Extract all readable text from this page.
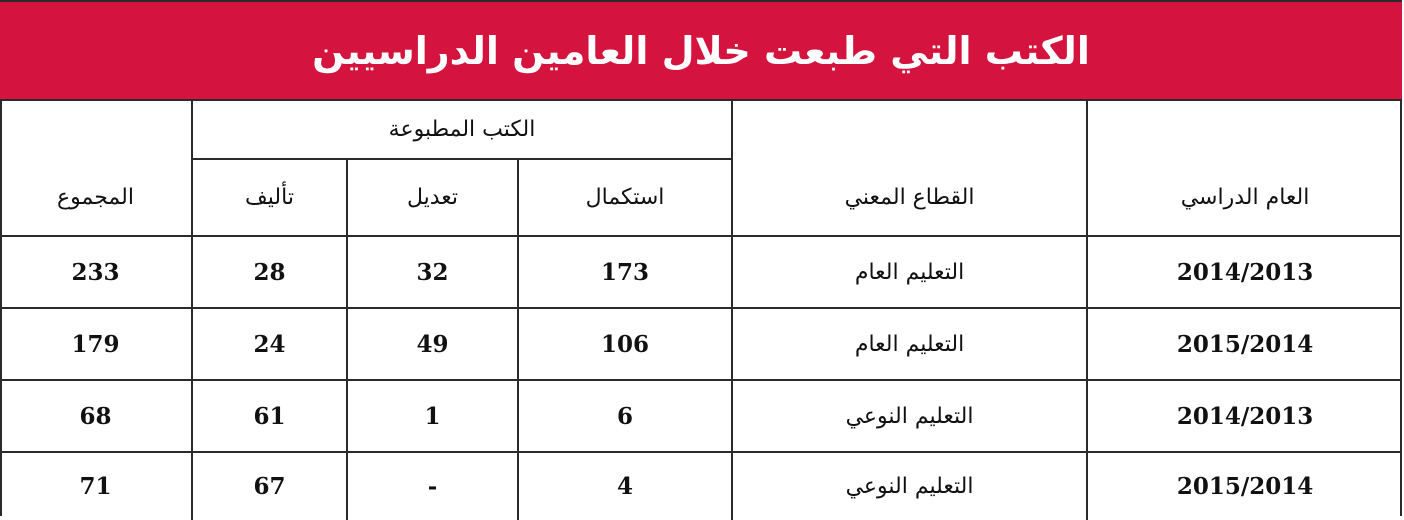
الكتب التي طبعت خلال العامين الدراسيين
المجموع	الكتب المطبوعة			القطاع المعني	العام الدراسي
	تأليف	تعديل	استكمال		
233	28	32	173	التعليم العام	2014/2013
179	24	49	106	التعليم العام	2015/2014
68	61	1	6	التعليم النوعي	2014/2013
71	67	-	4	التعليم النوعي	2015/2014
